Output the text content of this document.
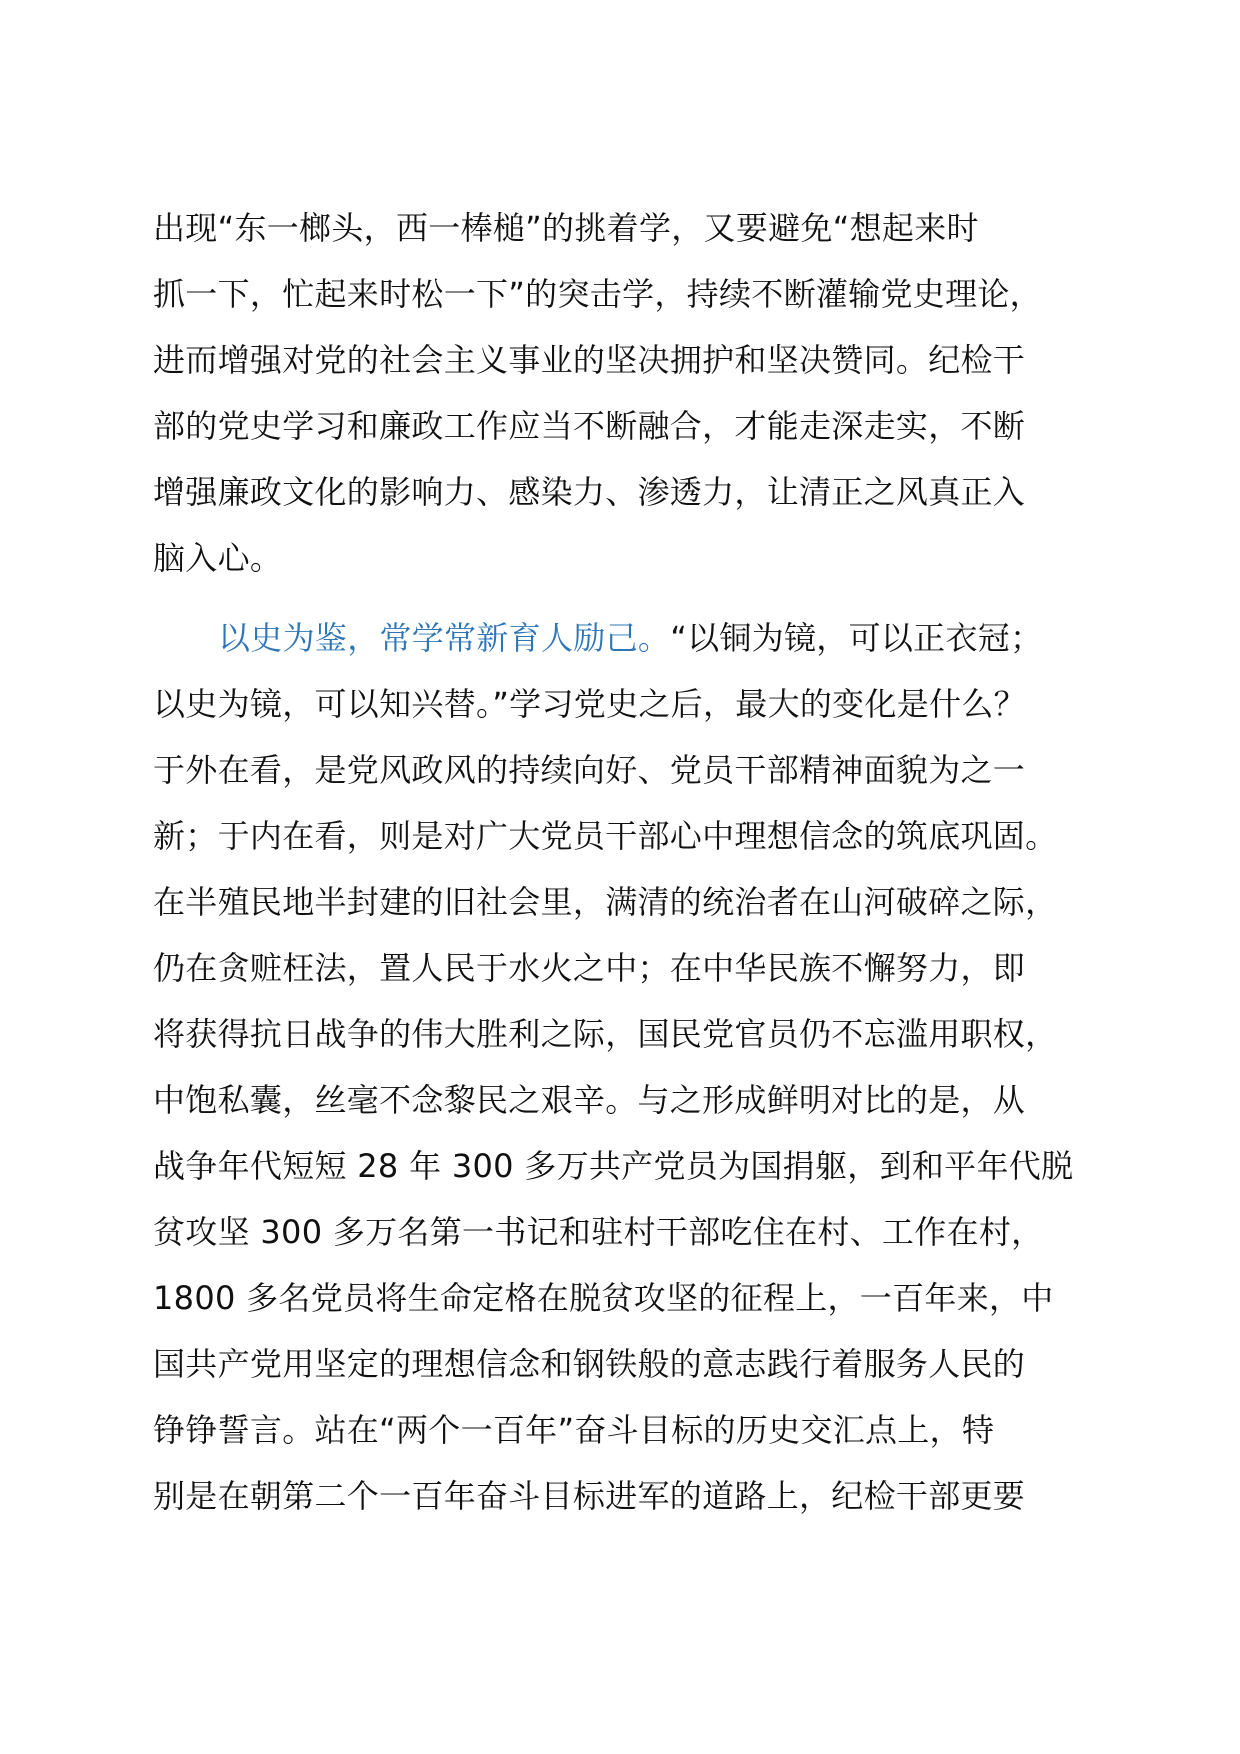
出现“东一榔头，西一棒槌”的挑着学，又要避免“想起来时
抓一下，忙起来时松一下”的突击学，持续不断灌输党史理论，
进而增强对党的社会主义事业的坚决拥护和坚决赞同。纪检干
部的党史学习和廉政工作应当不断融合，才能走深走实，不断
增强廉政文化的影响力、感染力、渗透力，让清正之风真正入
脑入心。
以史为鉴，常学常新育人励己。“以铜为镜，可以正衣冠；
以史为镜，可以知兴替。”学习党史之后，最大的变化是什么？
于外在看，是党风政风的持续向好、党员干部精神面貌为之一
新；于内在看，则是对广大党员干部心中理想信念的筑底巩固。
在半殖民地半封建的旧社会里，满清的统治者在山河破碎之际，
仍在贪赃枉法，置人民于水火之中；在中华民族不懈努力，即
将获得抗日战争的伟大胜利之际，国民党官员仍不忘滥用职权，
中饱私囊，丝毫不念黎民之艰辛。与之形成鲜明对比的是，从
战争年代短短 28 年 300 多万共产党员为国捐躯，到和平年代脱
贫攻坚 300 多万名第一书记和驻村干部吃住在村、工作在村，
1800 多名党员将生命定格在脱贫攻坚的征程上，一百年来，中
国共产党用坚定的理想信念和钢铁般的意志践行着服务人民的
铮铮誓言。站在“两个一百年”奋斗目标的历史交汇点上，特
别是在朝第二个一百年奋斗目标进军的道路上，纪检干部更要
